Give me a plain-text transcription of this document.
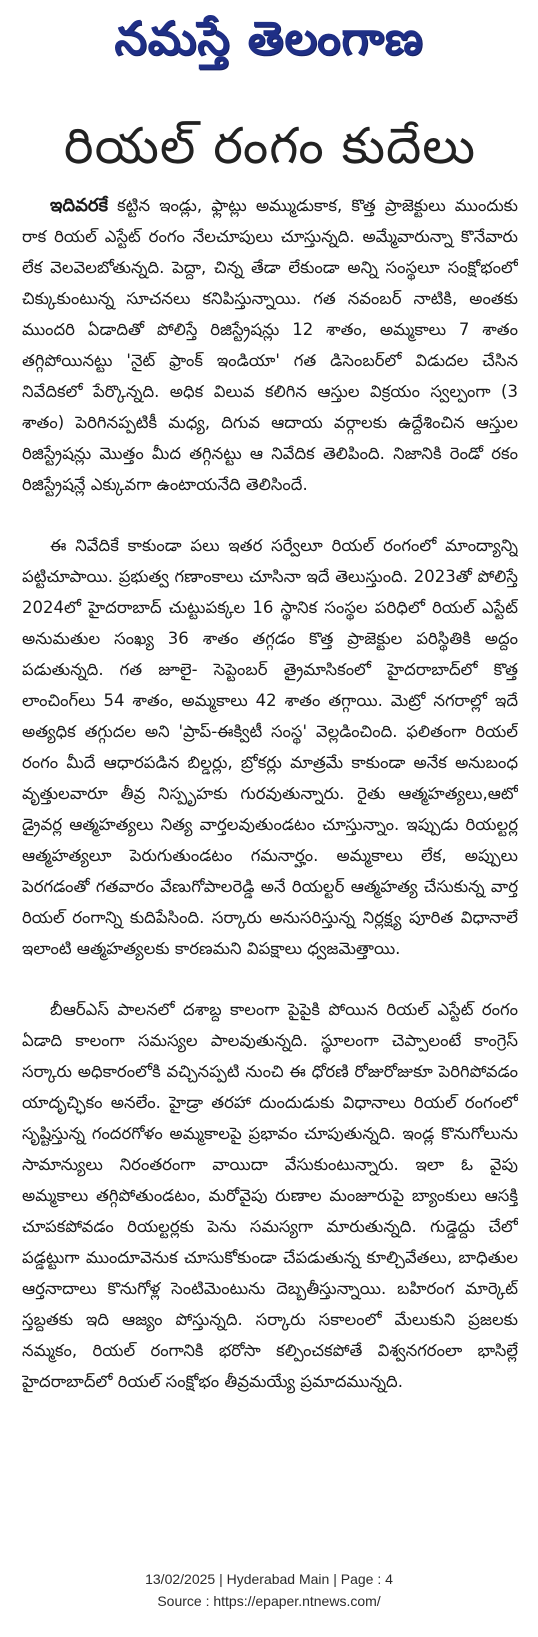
నమస్తే తెలంగాణ
రియల్ రంగం కుదేలు

ఇదివరకే కట్టిన ఇండ్లు, ఫ్లాట్లు అమ్ముడుకాక, కొత్త ప్రాజెక్టులు ముందుకు రాక రియల్ ఎస్టేట్ రంగం నేలచూపులు చూస్తున్నది. అమ్మేవారున్నా కొనేవారు లేక వెలవెలబోతున్నది. పెద్దా, చిన్న తేడా లేకుండా అన్ని సంస్థలూ సంక్షోభంలో చిక్కుకుంటున్న సూచనలు కనిపిస్తున్నాయి. గత నవంబర్ నాటికి, అంతకు ముందరి ఏడాదితో పోలిస్తే రిజిస్ట్రేషన్లు 12 శాతం, అమ్మకాలు 7 శాతం తగ్గిపోయినట్టు 'నైట్ ఫ్రాంక్ ఇండియా' గత డిసెంబర్‌లో విడుదల చేసిన నివేదికలో పేర్కొన్నది. అధిక విలువ కలిగిన ఆస్తుల విక్రయం స్వల్పంగా (3 శాతం) పెరిగినప్పటికీ మధ్య, దిగువ ఆదాయ వర్గాలకు ఉద్దేశించిన ఆస్తుల రిజిస్ట్రేషన్లు మొత్తం మీద తగ్గినట్టు ఆ నివేదిక తెలిపింది. నిజానికి రెండో రకం రిజిస్ట్రేషన్లే ఎక్కువగా ఉంటాయనేది తెలిసిందే.

ఈ నివేదికే కాకుండా పలు ఇతర సర్వేలూ రియల్ రంగంలో మాంద్యాన్ని పట్టిచూపాయి. ప్రభుత్వ గణాంకాలు చూసినా ఇదే తెలుస్తుంది. 2023తో పోలిస్తే 2024లో హైదరాబాద్ చుట్టుపక్కల 16 స్థానిక సంస్థల పరిధిలో రియల్ ఎస్టేట్ అనుమతుల సంఖ్య 36 శాతం తగ్గడం కొత్త ప్రాజెక్టుల పరిస్థితికి అద్దం పడుతున్నది. గత జూలై- సెప్టెంబర్ త్రైమాసికంలో హైదరాబాద్‌లో కొత్త లాంచింగ్‌లు 54 శాతం, అమ్మకాలు 42 శాతం తగ్గాయి. మెట్రో నగరాల్లో ఇదే అత్యధిక తగ్గుదల అని 'ప్రాప్-ఈక్విటీ సంస్థ' వెల్లడించింది. ఫలితంగా రియల్ రంగం మీదే ఆధారపడిన బిల్డర్లు, బ్రోకర్లు మాత్రమే కాకుండా అనేక అనుబంధ వృత్తులవారూ తీవ్ర నిస్పృహకు గురవుతున్నారు. రైతు ఆత్మహత్యలు,ఆటో డ్రైవర్ల ఆత్మహత్యలు నిత్య వార్తలవుతుండటం చూస్తున్నాం. ఇప్పుడు రియల్టర్ల ఆత్మహత్యలూ పెరుగుతుండటం గమనార్హం. అమ్మకాలు లేక, అప్పులు పెరగడంతో గతవారం వేణుగోపాలరెడ్డి అనే రియల్టర్ ఆత్మహత్య చేసుకున్న వార్త రియల్ రంగాన్ని కుదిపేసింది. సర్కారు అనుసరిస్తున్న నిర్లక్ష్య పూరిత విధానాలే ఇలాంటి ఆత్మహత్యలకు కారణమని విపక్షాలు ధ్వజమెత్తాయి.

బీఆర్‌ఎస్ పాలనలో దశాబ్ద కాలంగా పైపైకి పోయిన రియల్ ఎస్టేట్ రంగం ఏడాది కాలంగా సమస్యల పాలవుతున్నది. స్థూలంగా చెప్పాలంటే కాంగ్రెస్ సర్కారు అధికారంలోకి వచ్చినప్పటి నుంచి ఈ ధోరణి రోజురోజుకూ పెరిగిపోవడం యాదృచ్ఛికం అనలేం. హైడ్రా తరహా దుందుడుకు విధానాలు రియల్ రంగంలో సృష్టిస్తున్న గందరగోళం అమ్మకాలపై ప్రభావం చూపుతున్నది. ఇండ్ల కొనుగోలును సామాన్యులు నిరంతరంగా వాయిదా వేసుకుంటున్నారు. ఇలా ఓ వైపు అమ్మకాలు తగ్గిపోతుండటం, మరోవైపు రుణాల మంజూరుపై బ్యాంకులు ఆసక్తి చూపకపోవడం రియల్టర్లకు పెను సమస్యగా మారుతున్నది. గుడ్డెద్దు చేలో పడ్డట్టుగా ముందూవెనుక చూసుకోకుండా చేపడుతున్న కూల్చివేతలు, బాధితుల ఆర్తనాదాలు కొనుగోళ్ల సెంటిమెంటును దెబ్బతీస్తున్నాయి. బహిరంగ మార్కెట్ స్తబ్దతకు ఇది ఆజ్యం పోస్తున్నది. సర్కారు సకాలంలో మేలుకుని ప్రజలకు నమ్మకం, రియల్ రంగానికి భరోసా కల్పించకపోతే విశ్వనగరంలా భాసిల్లే హైదరాబాద్‌లో రియల్ సంక్షోభం తీవ్రమయ్యే ప్రమాదమున్నది.

13/02/2025 | Hyderabad Main | Page : 4
Source : https://epaper.ntnews.com/
